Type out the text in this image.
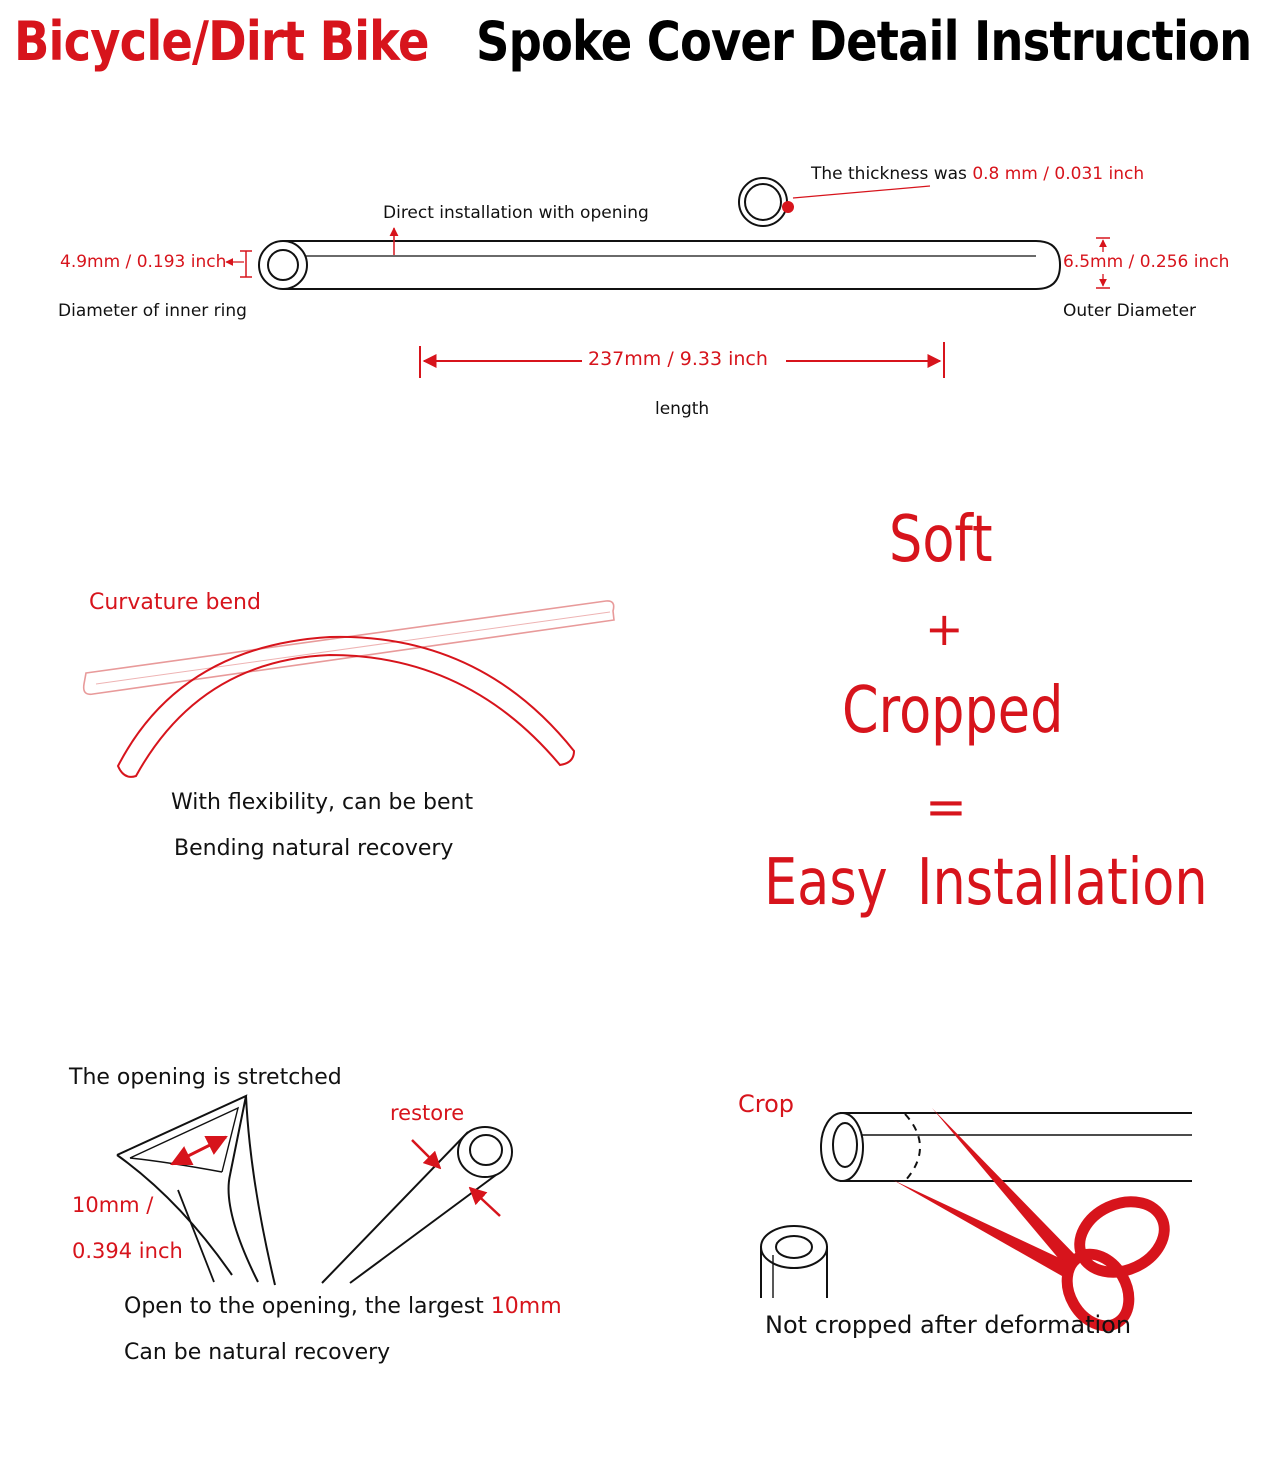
Bicycle/Dirt Bike Spoke Cover Detail Instruction
The thickness was 0.8 mm / 0.031 inch
Direct installation with opening
4.9mm / 0.193 inch
Diameter of inner ring
6.5mm / 0.256 inch
Outer Diameter
237mm / 9.33 inch
length
Curvature bend
With flexibility, can be bent
Bending natural recovery
Soft
+
Cropped
=
Easy Installation
The opening is stretched
restore
10mm /
0.394 inch
Open to the opening, the largest 10mm
Can be natural recovery
Crop
Not cropped after deformation
